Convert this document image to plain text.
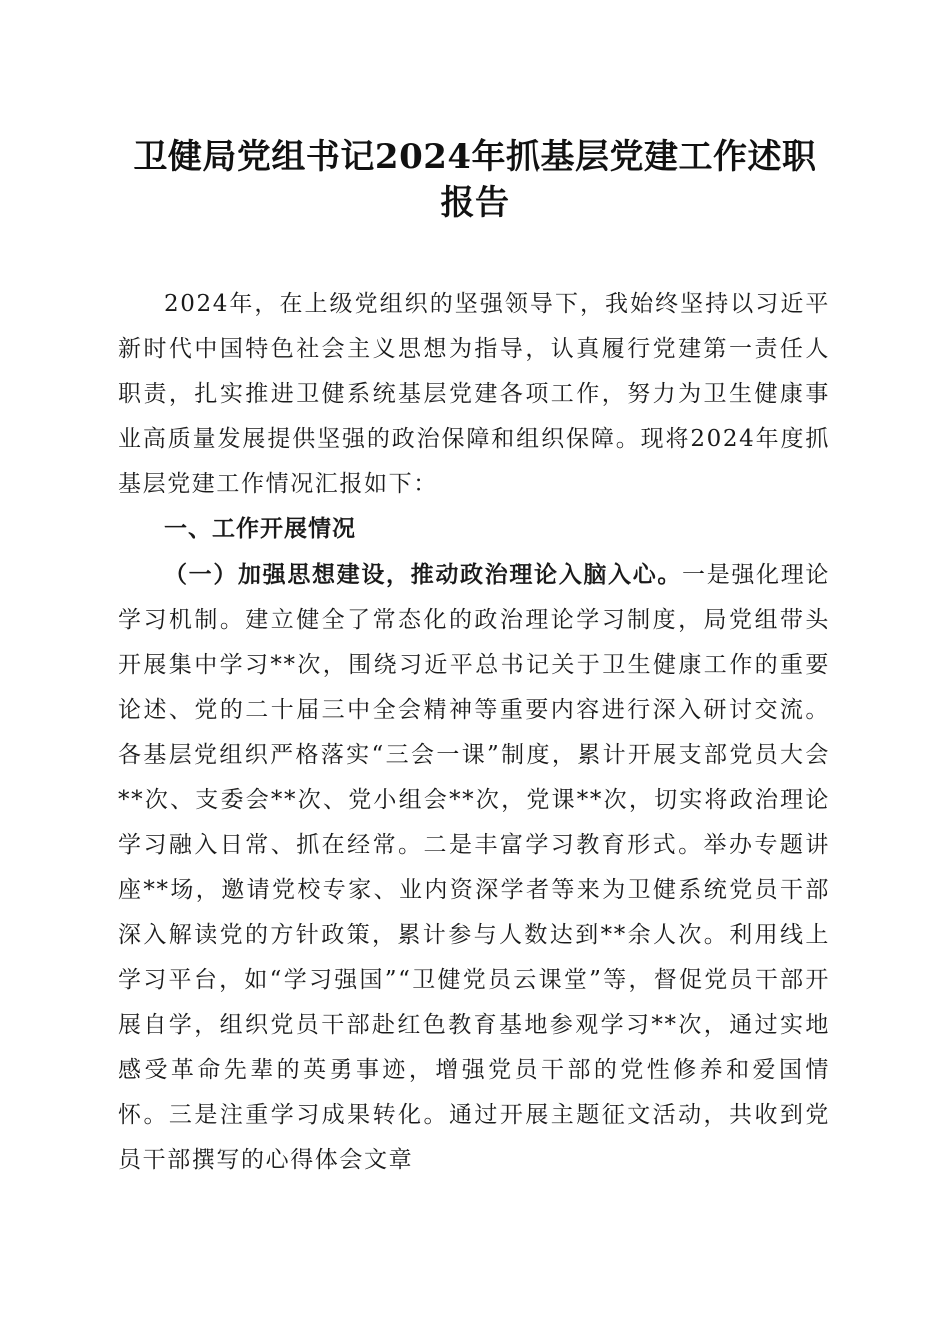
卫健局党组书记2024年抓基层党建工作述职报告

2024年，在上级党组织的坚强领导下，我始终坚持以习近平新时代中国特色社会主义思想为指导，认真履行党建第一责任人职责，扎实推进卫健系统基层党建各项工作，努力为卫生健康事业高质量发展提供坚强的政治保障和组织保障。现将2024年度抓基层党建工作情况汇报如下：

一、工作开展情况

（一）加强思想建设，推动政治理论入脑入心。一是强化理论学习机制。建立健全了常态化的政治理论学习制度，局党组带头开展集中学习**次，围绕习近平总书记关于卫生健康工作的重要论述、党的二十届三中全会精神等重要内容进行深入研讨交流。各基层党组织严格落实“三会一课”制度，累计开展支部党员大会**次、支委会**次、党小组会**次，党课**次，切实将政治理论学习融入日常、抓在经常。二是丰富学习教育形式。举办专题讲座**场，邀请党校专家、业内资深学者等来为卫健系统党员干部深入解读党的方针政策，累计参与人数达到**余人次。利用线上学习平台，如“学习强国”“卫健党员云课堂”等，督促党员干部开展自学，组织党员干部赴红色教育基地参观学习**次，通过实地感受革命先辈的英勇事迹，增强党员干部的党性修养和爱国情怀。三是注重学习成果转化。通过开展主题征文活动，共收到党员干部撰写的心得体会文章
